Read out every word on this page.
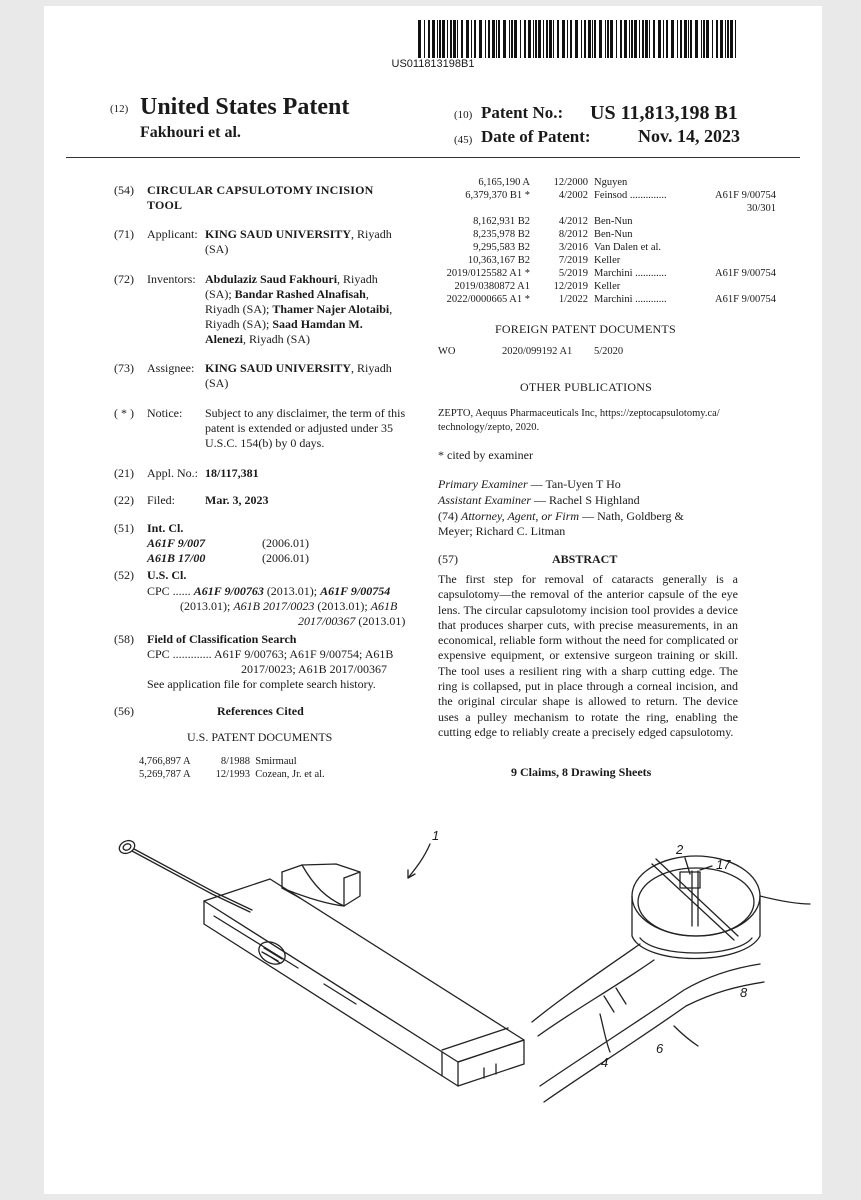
US011813198B1
(12) United States Patent
Fakhouri et al.
(10) Patent No.: US 11,813,198 B1
(45) Date of Patent:	Nov. 14, 2023
(54) CIRCULAR CAPSULOTOMY INCISION
TOOL
(71) Applicant: KING SAUD UNIVERSITY, Riyadh
(SA)
(72) Inventors: Abdulaziz Saud Fakhouri, Riyadh
(SA); Bandar Rashed Alnafisah,
Riyadh (SA); Thamer Najer Alotaibi,
Riyadh (SA); Saad Hamdan M.
Alenezi, Riyadh (SA)
(73) Assignee: KING SAUD UNIVERSITY, Riyadh
(SA)
( * ) Notice: Subject to any disclaimer, the term of this
patent is extended or adjusted under 35
U.S.C. 154(b) by 0 days.
(21) Appl. No.: 18/117,381
(22) Filed: Mar. 3, 2023
(51) Int. Cl.
A61F 9/007	(2006.01)
A61B 17/00	(2006.01)
(52) U.S. Cl.
CPC ...... A61F 9/00763 (2013.01); A61F 9/00754
(2013.01); A61B 2017/0023 (2013.01); A61B
2017/00367 (2013.01)
(58) Field of Classification Search
CPC ............. A61F 9/00763; A61F 9/00754; A61B
2017/0023; A61B 2017/00367
See application file for complete search history.
(56)	References Cited
U.S. PATENT DOCUMENTS
4,766,897 A	8/1988 Smirmaul
5,269,787 A 12/1993 Cozean, Jr. et al.
6,165,190 A 12/2000 Nguyen
6,379,370 B1 *	4/2002 Feinsod ..............	A61F 9/00754
30/301
8,162,931 B2	4/2012 Ben-Nun
8,235,978 B2	8/2012 Ben-Nun
9,295,583 B2	3/2016 Van Dalen et al.
10,363,167 B2	7/2019 Keller
2019/0125582 A1 *	5/2019 Marchini ............	A61F 9/00754
2019/0380872 A1 12/2019 Keller
2022/0000665 A1 *	1/2022 Marchini ............	A61F 9/00754
FOREIGN PATENT DOCUMENTS
WO	2020/099192 A1 5/2020
OTHER PUBLICATIONS
ZEPTO, Aequus Pharmaceuticals Inc, https://zeptocapsulotomy.ca/
technology/zepto, 2020.
* cited by examiner
Primary Examiner — Tan-Uyen T Ho
Assistant Examiner — Rachel S Highland
(74) Attorney, Agent, or Firm — Nath, Goldberg &
Meyer; Richard C. Litman
(57)	ABSTRACT
The first step for removal of cataracts generally is a capsulotomy—the removal of the anterior capsule of the eye lens. The circular capsulotomy incision tool provides a device that produces sharper cuts, with precise measurements, in an economical, reliable form without the need for complicated or expensive equipment, or extensive surgeon training or skill. The tool uses a resilient ring with a sharp cutting edge. The ring is collapsed, put in place through a corneal incision, and the original circular shape is allowed to return. The device uses a pulley mechanism to rotate the ring, enabling the cutting edge to reliably create a precisely edged capsulotomy.
9 Claims, 8 Drawing Sheets
1
2
17
8
6
4
